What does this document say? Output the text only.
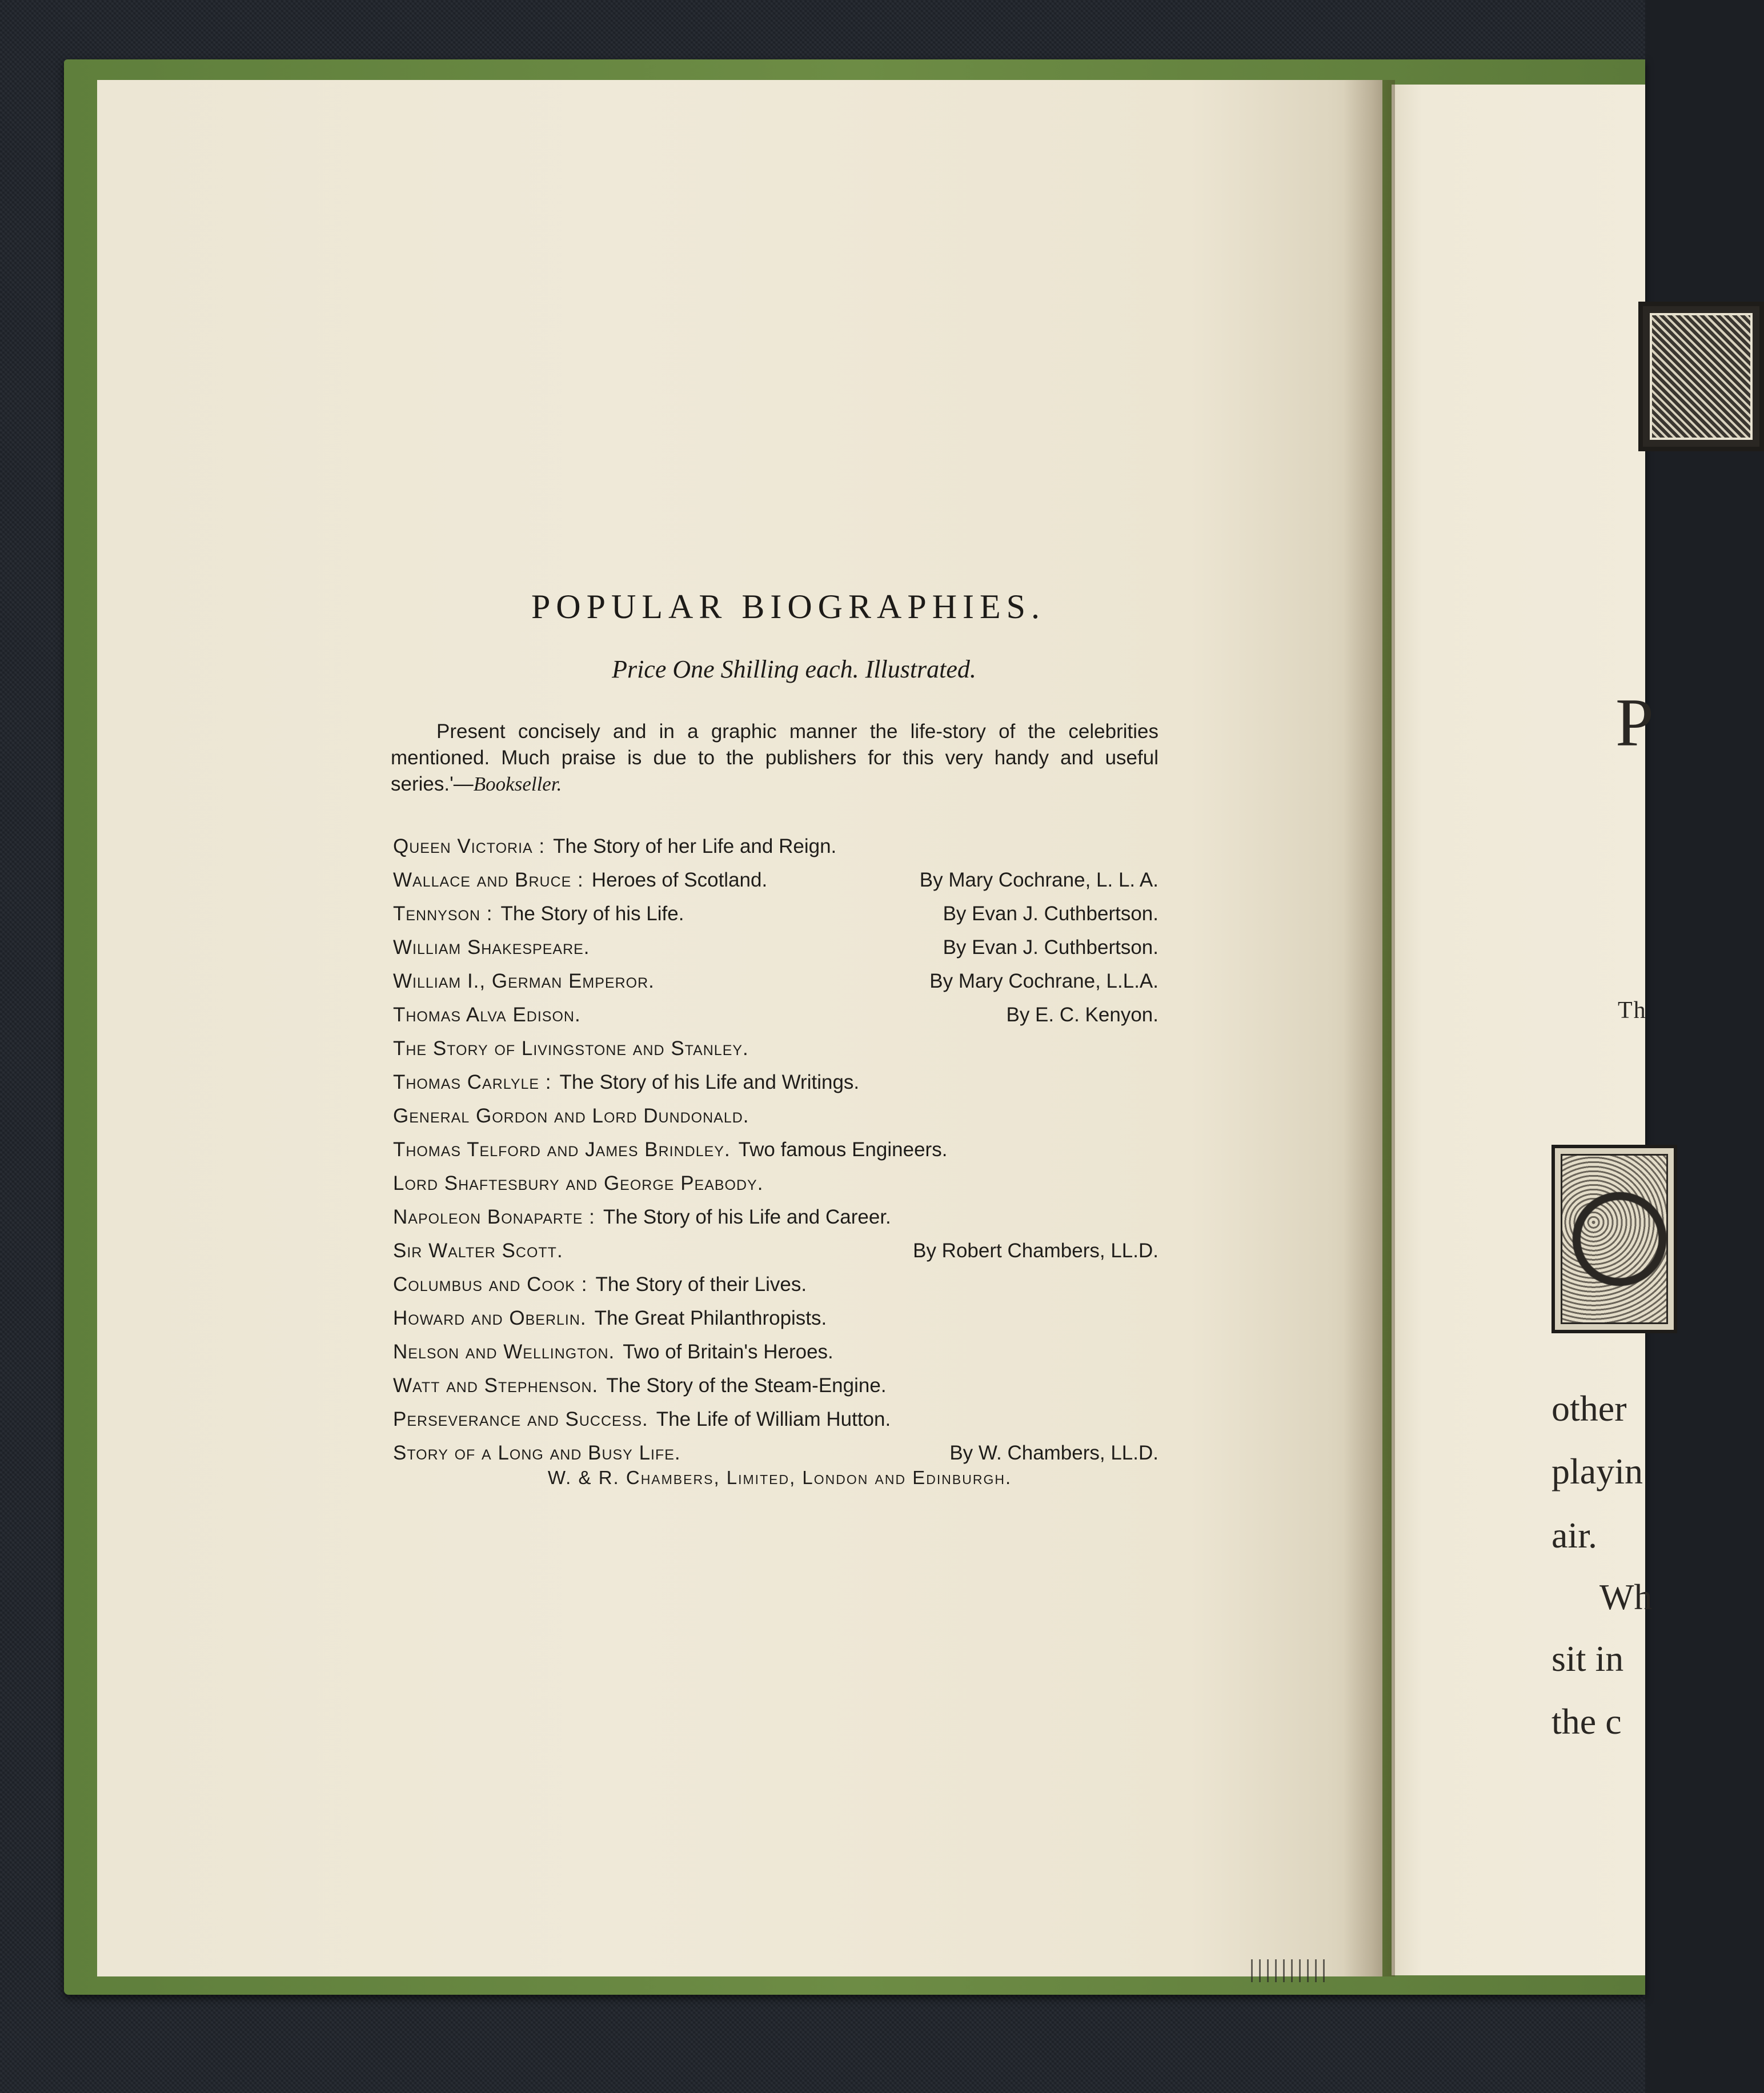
POPULAR BIOGRAPHIES.
Price One Shilling each. Illustrated.
Present concisely and in a graphic manner the life-story of the celebrities mentioned. Much praise is due to the publishers for this very handy and useful series.'—Bookseller.
Queen Victoria : The Story of her Life and Reign.
Wallace and Bruce : Heroes of Scotland.	By Mary Cochrane, L. L. A.
Tennyson : The Story of his Life.	By Evan J. Cuthbertson.
William Shakespeare.	By Evan J. Cuthbertson.
William I., German Emperor.	By Mary Cochrane, L.L.A.
Thomas Alva Edison.	By E. C. Kenyon.
The Story of Livingstone and Stanley.
Thomas Carlyle : The Story of his Life and Writings.
General Gordon and Lord Dundonald.
Thomas Telford and James Brindley. Two famous Engineers.
Lord Shaftesbury and George Peabody.
Napoleon Bonaparte : The Story of his Life and Career.
Sir Walter Scott.	By Robert Chambers, LL.D.
Columbus and Cook : The Story of their Lives.
Howard and Oberlin. The Great Philanthropists.
Nelson and Wellington. Two of Britain's Heroes.
Watt and Stephenson. The Story of the Steam-Engine.
Perseverance and Success. The Life of William Hutton.
Story of a Long and Busy Life.	By W. Chambers, LL.D.
W. & R. Chambers, Limited, London and Edinburgh.
P
Th
other
playin
air.
Wh
sit in
the c
